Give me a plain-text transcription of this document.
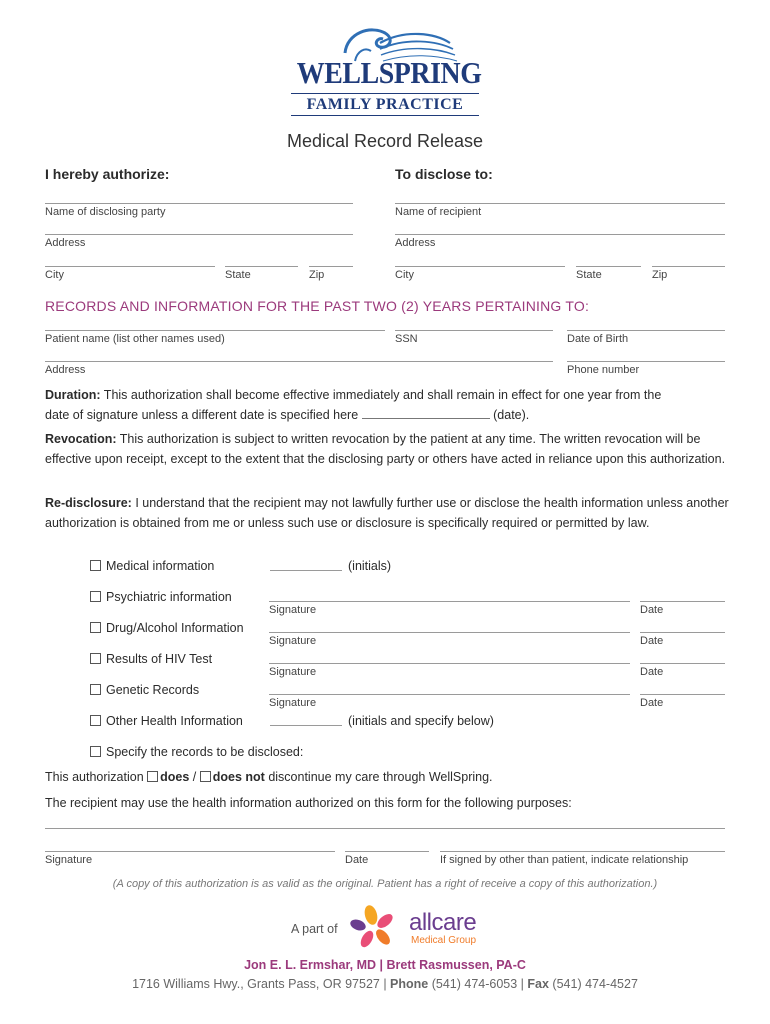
WELLSPRING
FAMILY PRACTICE
Medical Record Release
I hereby authorize:	To disclose to:
Name of disclosing party	Name of recipient
Address	Address
City	State	Zip	City	State	Zip
RECORDS AND INFORMATION FOR THE PAST TWO (2) YEARS PERTAINING TO:
Patient name (list other names used)	SSN	Date of Birth
Address	Phone number
Duration: This authorization shall become effective immediately and shall remain in effect for one year from the
date of signature unless a different date is specified here	(date).
Revocation: This authorization is subject to written revocation by the patient at any time. The written revocation will be effective upon receipt, except to the extent that the disclosing party or others have acted in reliance upon this authorization.
Re-disclosure: I understand that the recipient may not lawfully further use or disclose the health information unless another authorization is obtained from me or unless such use or disclosure is specifically required or permitted by law.
Medical information	(initials)
Psychiatric information
Signature	Date
Drug/Alcohol Information
Signature	Date
Results of HIV Test
Signature	Date
Genetic Records
Signature	Date
Other Health Information	(initials and specify below)
Specify the records to be disclosed:
This authorization does / does not discontinue my care through WellSpring.
The recipient may use the health information authorized on this form for the following purposes:
Signature	Date	If signed by other than patient, indicate relationship
(A copy of this authorization is as valid as the original. Patient has a right of receive a copy of this authorization.)
A part of	allcare
Medical Group
Jon E. L. Ermshar, MD | Brett Rasmussen, PA-C
1716 Williams Hwy., Grants Pass, OR 97527 | Phone (541) 474-6053 | Fax (541) 474-4527
